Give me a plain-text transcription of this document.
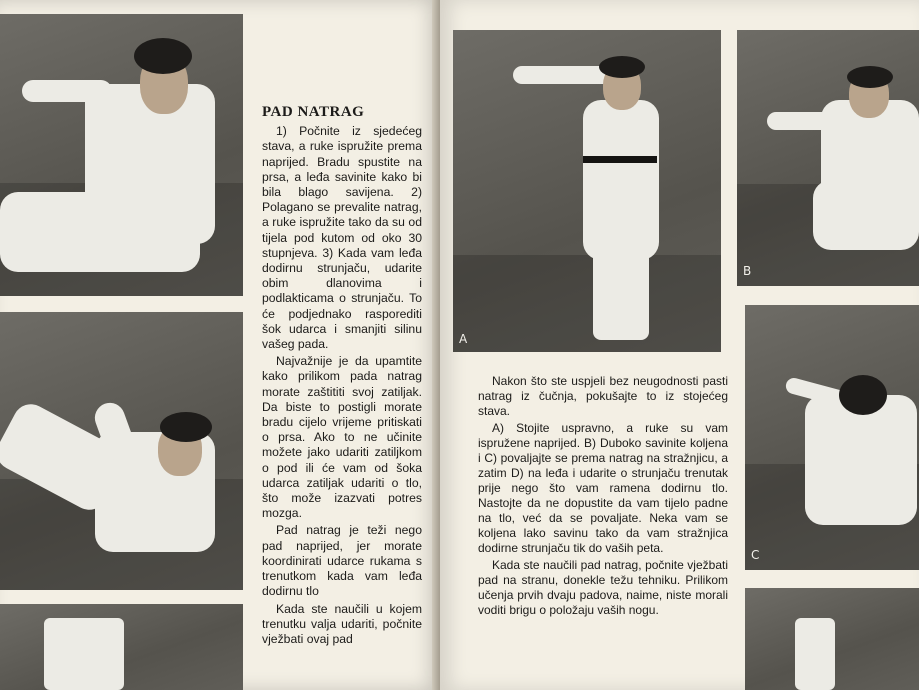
PAD NATRAG

1) Počnite iz sjedećeg stava, a ruke ispružite prema naprijed. Bradu spustite na prsa, a leđa savinite kako bi bila blago savijena. 2) Polagano se prevalite natrag, a ruke ispružite tako da su od tijela pod kutom od oko 30 stupnjeva. 3) Kada vam leđa dodirnu strunjaču, udarite obim dlanovima i podlakticama o strunjaču. To će podjednako rasporediti šok udarca i smanjiti silinu vašeg pada.

Najvažnije je da upamtite kako prilikom pada natrag morate zaštititi svoj zatiljak. Da biste to postigli morate bradu cijelo vrijeme pritiskati o prsa. Ako to ne učinite možete jako udariti zatiljkom o pod ili će vam od šoka udarca zatiljak udariti o tlo, što može izazvati potres mozga.

Pad natrag je teži nego pad naprijed, jer morate koordinirati udarce rukama s trenutkom kada vam leđa dodirnu tlo

Kada ste naučili u kojem trenutku valja udariti, počnite vježbati ovaj pad

A
B
C

Nakon što ste uspjeli bez neugodnosti pasti natrag iz čučnja, pokušajte to iz stojećeg stava.

A) Stojite uspravno, a ruke su vam ispružene naprijed. B) Duboko savinite koljena i C) povaljajte se prema natrag na stražnjicu, a zatim D) na leđa i udarite o strunjaču trenutak prije nego što vam ramena dodirnu tlo. Nastojte da ne dopustite da vam tijelo padne na tlo, već da se povaljate. Neka vam se koljena lako savinu tako da vam stražnjica dodirne strunjaču tik do vaših peta.

Kada ste naučili pad natrag, počnite vježbati pad na stranu, donekle težu tehniku. Prilikom učenja prvih dvaju padova, naime, niste morali voditi brigu o položaju vaših nogu.
